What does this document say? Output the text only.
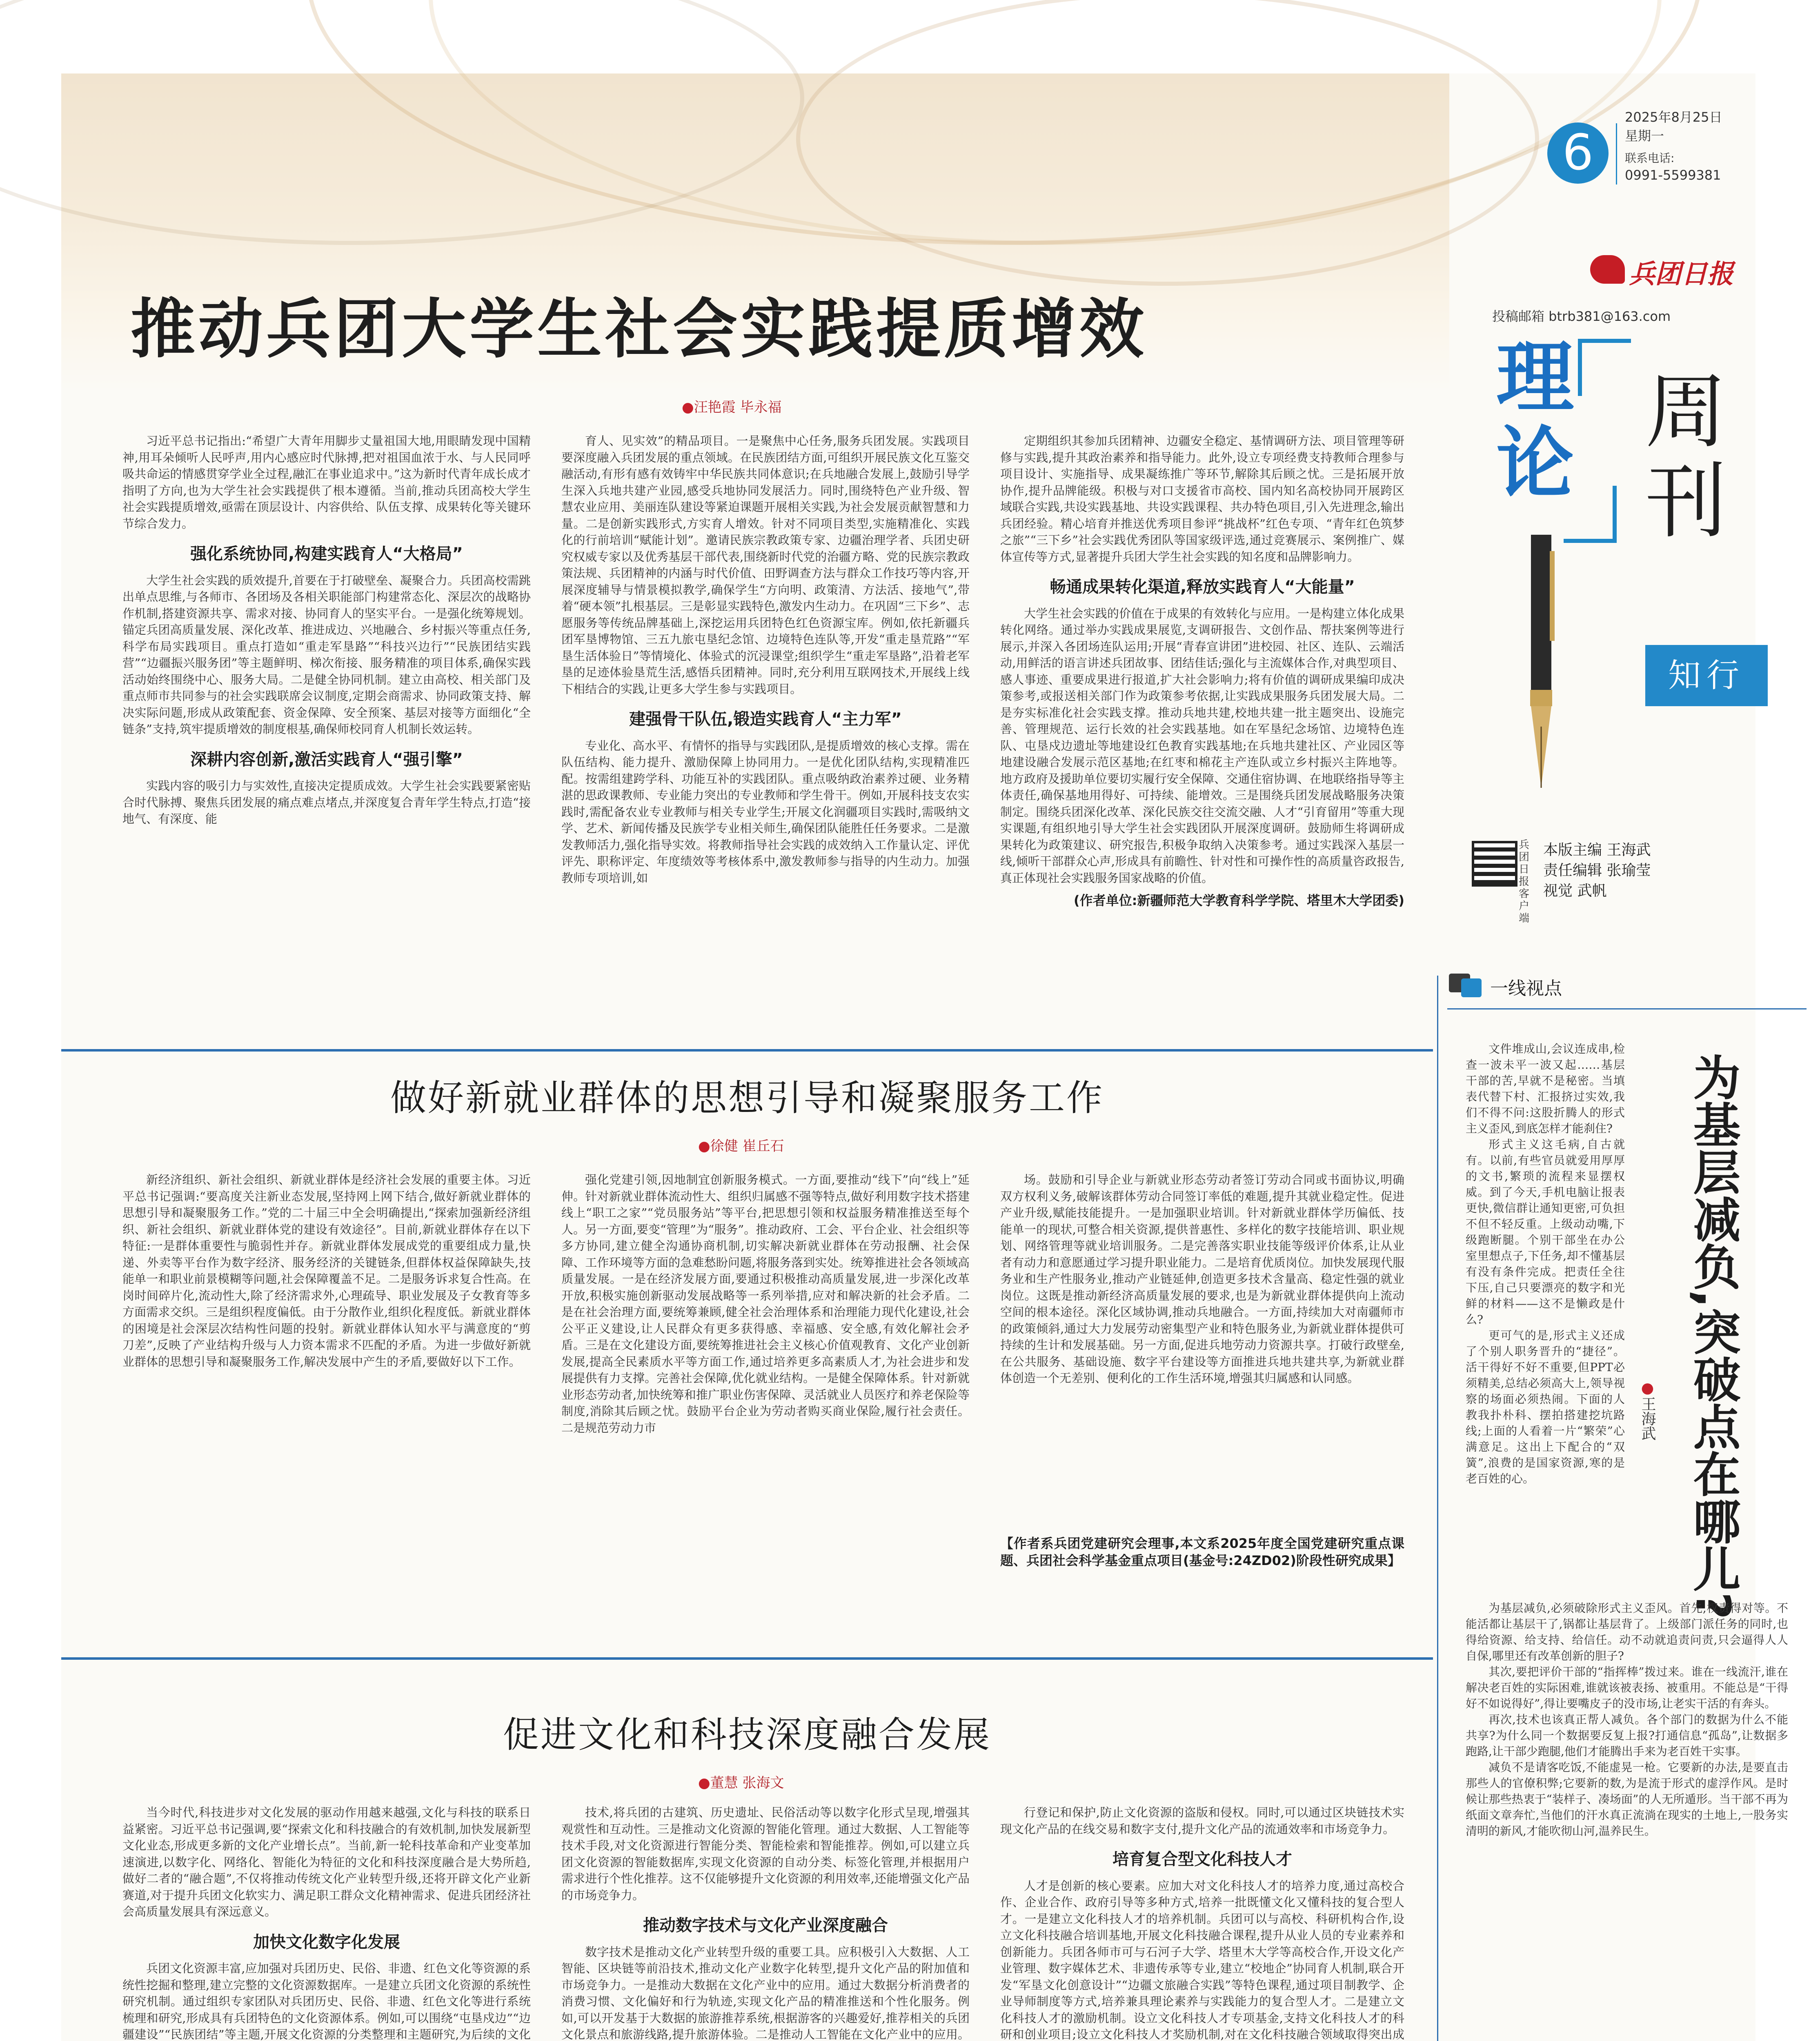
推动兵团大学生社会实践提质增效
● 汪艳霞 毕永福
6
2025年8月25日
星期一
联系电话:
0991-5599381
兵团日报
投稿邮箱 btrb381@163.com
理论
周刊
知行
兵团日报客户端
本版主编 王海武
责任编辑 张瑜莹
视觉 武帆

习近平总书记指出:“希望广大青年用脚步丈量祖国大地,用眼睛发现中国精神,用耳朵倾听人民呼声,用内心感应时代脉搏,把对祖国血浓于水、与人民同呼吸共命运的情感贯穿学业全过程,融汇在事业追求中。”这为新时代青年成长成才指明了方向,也为大学生社会实践提供了根本遵循。当前,推动兵团高校大学生社会实践提质增效,亟需在顶层设计、内容供给、队伍支撑、成果转化等关键环节综合发力。

强化系统协同,构建实践育人“大格局”

大学生社会实践的质效提升,首要在于打破壁垒、凝聚合力。兵团高校需跳出单点思维,与各师市、各团场及各相关职能部门构建常态化、深层次的战略协作机制,搭建资源共享、需求对接、协同育人的坚实平台。一是强化统筹规划。锚定兵团高质量发展、深化改革、推进成边、兴地融合、乡村振兴等重点任务,科学布局实践项目。重点打造如“重走军垦路”“科技兴边行”“民族团结实践营”“边疆振兴服务团”等主题鲜明、梯次衔接、服务精准的项目体系,确保实践活动始终围绕中心、服务大局。二是健全协同机制。建立由高校、相关部门及重点师市共同参与的社会实践联席会议制度,定期会商需求、协同政策支持、解决实际问题,形成从政策配套、资金保障、安全预案、基层对接等方面细化“全链条”支持,筑牢提质增效的制度根基,确保师校同育人机制长效运转。

深耕内容创新,激活实践育人“强引擎”

实践内容的吸引力与实效性,直接决定提质成效。大学生社会实践要紧密贴合时代脉搏、聚焦兵团发展的痛点难点堵点,并深度复合青年学生特点,打造“接地气、有深度、能

育人、见实效”的精品项目。一是聚焦中心任务,服务兵团发展。实践项目要深度融入兵团发展的重点领域。在民族团结方面,可组织开展民族文化互鉴交融活动,有形有感有效铸牢中华民族共同体意识;在兵地融合发展上,鼓励引导学生深入兵地共建产业园,感受兵地协同发展活力。同时,围绕特色产业升级、智慧农业应用、美丽连队建设等紧迫课题开展相关实践,为社会发展贡献智慧和力量。二是创新实践形式,方实育人增效。针对不同项目类型,实施精准化、实践化的行前培训“赋能计划”。邀请民族宗教政策专家、边疆治理学者、兵团史研究权威专家以及优秀基层干部代表,围绕新时代党的治疆方略、党的民族宗教政策法规、兵团精神的内涵与时代价值、田野调查方法与群众工作技巧等内容,开展深度辅导与情景模拟教学,确保学生“方向明、政策清、方法活、接地气”,带着“硬本领”扎根基层。三是彰显实践特色,激发内生动力。在巩固“三下乡”、志愿服务等传统品牌基础上,深挖运用兵团特色红色资源宝库。例如,依托新疆兵团军垦博物馆、三五九旅屯垦纪念馆、边境特色连队等,开发“重走垦荒路”“军垦生活体验日”等情境化、体验式的沉浸课堂;组织学生“重走军垦路”,沿着老军垦的足迹体验垦荒生活,感悟兵团精神。同时,充分利用互联网技术,开展线上线下相结合的实践,让更多大学生参与实践项目。

建强骨干队伍,锻造实践育人“主力军”

专业化、高水平、有情怀的指导与实践团队,是提质增效的核心支撑。需在队伍结构、能力提升、激励保障上协同用力。一是优化团队结构,实现精准匹配。按需组建跨学科、功能互补的实践团队。重点吸纳政治素养过硬、业务精湛的思政课教师、专业能力突出的专业教师和学生骨干。例如,开展科技支农实践时,需配备农业专业教师与相关专业学生;开展文化润疆项目实践时,需吸纳文学、艺术、新闻传播及民族学专业相关师生,确保团队能胜任任务要求。二是激发教师活力,强化指导实效。将教师指导社会实践的成效纳入工作量认定、评优评先、职称评定、年度绩效等考核体系中,激发教师参与指导的内生动力。加强教师专项培训,如

定期组织其参加兵团精神、边疆安全稳定、基情调研方法、项目管理等研修与实践,提升其政治素养和指导能力。此外,设立专项经费支持教师合理参与项目设计、实施指导、成果凝练推广等环节,解除其后顾之忧。三是拓展开放协作,提升品牌能级。积极与对口支援省市高校、国内知名高校协同开展跨区域联合实践,共设实践基地、共设实践课程、共办特色项目,引入先进理念,输出兵团经验。精心培育并推送优秀项目参评“挑战杯”红色专项、“青年红色筑梦之旅”“三下乡”社会实践优秀团队等国家级评选,通过竞赛展示、案例推广、媒体宣传等方式,显著提升兵团大学生社会实践的知名度和品牌影响力。

畅通成果转化渠道,释放实践育人“大能量”

大学生社会实践的价值在于成果的有效转化与应用。一是构建立体化成果转化网络。通过举办实践成果展览,支调研报告、文创作品、帮扶案例等进行展示,并深入各团场连队运用;开展“青春宣讲团”进校园、社区、连队、云端活动,用鲜活的语言讲述兵团故事、团结佳话;强化与主流媒体合作,对典型项目、感人事迹、重要成果进行报道,扩大社会影响力;将有价值的调研成果编印成决策参考,或报送相关部门作为政策参考依据,让实践成果服务兵团发展大局。二是夯实标准化社会实践支撑。推动兵地共建,校地共建一批主题突出、设施完善、管理规范、运行长效的社会实践基地。如在军垦纪念场馆、边境特色连队、屯垦戍边遗址等地建设红色教育实践基地;在兵地共建社区、产业园区等地建设融合发展示范区基地;在红枣和棉花主产连队或立乡村振兴主阵地等。地方政府及援助单位要切实履行安全保障、交通住宿协调、在地联络指导等主体责任,确保基地用得好、可持续、能增效。三是围绕兵团发展战略服务决策制定。围绕兵团深化改革、深化民族交往交流交融、人才“引育留用”等重大现实课题,有组织地引导大学生社会实践团队开展深度调研。鼓励师生将调研成果转化为政策建议、研究报告,积极争取纳入决策参考。通过实践深入基层一线,倾听干部群众心声,形成具有前瞻性、针对性和可操作性的高质量咨政报告,真正体现社会实践服务国家战略的价值。

(作者单位:新疆师范大学教育科学学院、塔里木大学团委)
做好新就业群体的思想引导和凝聚服务工作
● 徐健 崔丘石

新经济组织、新社会组织、新就业群体是经济社会发展的重要主体。习近平总书记强调:“要高度关注新业态发展,坚持网上网下结合,做好新就业群体的思想引导和凝聚服务工作。”党的二十届三中全会明确提出,“探索加强新经济组织、新社会组织、新就业群体党的建设有效途径”。目前,新就业群体存在以下特征:一是群体重要性与脆弱性并存。新就业群体发展成党的重要组成力量,快递、外卖等平台作为数字经济、服务经济的关键链条,但群体权益保障缺失,技能单一和职业前景模糊等问题,社会保障覆盖不足。二是服务诉求复合性高。在岗时间碎片化,流动性大,除了经济需求外,心理疏导、职业发展及子女教育等多方面需求交织。三是组织程度偏低。由于分散作业,组织化程度低。新就业群体的困境是社会深层次结构性问题的投射。新就业群体认知水平与满意度的“剪刀差”,反映了产业结构升级与人力资本需求不匹配的矛盾。为进一步做好新就业群体的思想引导和凝聚服务工作,解决发展中产生的矛盾,要做好以下工作。

强化党建引领,因地制宜创新服务模式。一方面,要推动“线下”向“线上”延伸。针对新就业群体流动性大、组织归属感不强等特点,做好利用数字技术搭建线上“职工之家”“党员服务站”等平台,把思想引领和权益服务精准推送至每个人。另一方面,要变“管理”为“服务”。推动政府、工会、平台企业、社会组织等多方协同,建立健全沟通协商机制,切实解决新就业群体在劳动报酬、社会保障、工作环境等方面的急难愁盼问题,将服务落到实处。统筹推进社会各领域高质量发展。一是在经济发展方面,要通过积极推动高质量发展,进一步深化改革开放,积极实施创新驱动发展战略等一系列举措,应对和解决新的社会矛盾。二是在社会治理方面,要统筹兼顾,健全社会治理体系和治理能力现代化建设,社会公平正义建设,让人民群众有更多获得感、幸福感、安全感,有效化解社会矛盾。三是在文化建设方面,要统筹推进社会主义核心价值观教育、文化产业创新发展,提高全民素质水平等方面工作,通过培养更多高素质人才,为社会进步和发展提供有力支撑。完善社会保障,优化就业结构。一是健全保障体系。针对新就业形态劳动者,加快统筹和推广职业伤害保障、灵活就业人员医疗和养老保险等制度,消除其后顾之忧。鼓励平台企业为劳动者购买商业保险,履行社会责任。二是规范劳动力市

场。鼓励和引导企业与新就业形态劳动者签订劳动合同或书面协议,明确双方权利义务,破解该群体劳动合同签订率低的难题,提升其就业稳定性。促进产业升级,赋能技能提升。一是加强职业培训。针对新就业群体学历偏低、技能单一的现状,可整合相关资源,提供普惠性、多样化的数字技能培训、职业规划、网络管理等就业培训服务。二是完善落实职业技能等级评价体系,让从业者有动力和意愿通过学习提升职业能力。二是培育优质岗位。加快发展现代服务业和生产性服务业,推动产业链延伸,创造更多技术含量高、稳定性强的就业岗位。这既是推动新经济高质量发展的要求,也是为新就业群体提供向上流动空间的根本途径。深化区域协调,推动兵地融合。一方面,持续加大对南疆师市的政策倾斜,通过大力发展劳动密集型产业和特色服务业,为新就业群体提供可持续的生计和发展基础。另一方面,促进兵地劳动力资源共享。打破行政壁垒,在公共服务、基础设施、数字平台建设等方面推进兵地共建共享,为新就业群体创造一个无差别、便利化的工作生活环境,增强其归属感和认同感。

【作者系兵团党建研究会理事,本文系2025年度全国党建研究重点课题、兵团社会科学基金重点项目(基金号:24ZD02)阶段性研究成果】
促进文化和科技深度融合发展
● 董慧 张海文

当今时代,科技进步对文化发展的驱动作用越来越强,文化与科技的联系日益紧密。习近平总书记强调,要“探索文化和科技融合的有效机制,加快发展新型文化业态,形成更多新的文化产业增长点”。当前,新一轮科技革命和产业变革加速演进,以数字化、网络化、智能化为特征的文化和科技深度融合是大势所趋,做好二者的“融合题”,不仅将推动传统文化产业转型升级,还将开辟文化产业新赛道,对于提升兵团文化软实力、满足职工群众文化精神需求、促进兵团经济社会高质量发展具有深远意义。

加快文化数字化发展

兵团文化资源丰富,应加强对兵团历史、民俗、非遗、红色文化等资源的系统性挖掘和整理,建立完整的文化资源数据库。一是建立兵团文化资源的系统性研究机制。通过组织专家团队对兵团历史、民俗、非遗、红色文化等进行系统梳理和研究,形成具有兵团特色的文化资源体系。例如,可以围绕“屯垦戍边”“边疆建设”“民族团结”等主题,开展文化资源的分类整理和主题研究,为后续的文化

技术,将兵团的古建筑、历史遗址、民俗活动等以数字化形式呈现,增强其观赏性和互动性。三是推动文化资源的智能化管理。通过大数据、人工智能等技术手段,对文化资源进行智能分类、智能检索和智能推荐。例如,可以建立兵团文化资源的智能数据库,实现文化资源的自动分类、标签化管理,并根据用户需求进行个性化推荐。这不仅能够提升文化资源的利用效率,还能增强文化产品的市场竞争力。

推动数字技术与文化产业深度融合

数字技术是推动文化产业转型升级的重要工具。应积极引入大数据、人工智能、区块链等前沿技术,推动文化产业数字化转型,提升文化产品的附加值和市场竞争力。一是推动大数据在文化产业中的应用。通过大数据分析消费者的消费习惯、文化偏好和行为轨迹,实现文化产品的精准推送和个性化服务。例如,可以开发基于大数据的旅游推荐系统,根据游客的兴趣爱好,推荐相关的兵团文化景点和旅游线路,提升旅游体验。二是推动人工智能在文化产业中的应用。

行登记和保护,防止文化资源的盗版和侵权。同时,可以通过区块链技术实现文化产品的在线交易和数字支付,提升文化产品的流通效率和市场竞争力。

培育复合型文化科技人才

人才是创新的核心要素。应加大对文化科技人才的培养力度,通过高校合作、企业合作、政府引导等多种方式,培养一批既懂文化又懂科技的复合型人才。一是建立文化科技人才的培养机制。兵团可以与高校、科研机构合作,设立文化科技融合培训基地,开展文化科技融合课程,提升从业人员的专业素养和创新能力。兵团各师市可与石河子大学、塔里木大学等高校合作,开设文化产业管理、数字媒体艺术、非遗传承等专业,建立“校地企”协同育人机制,联合开发“军垦文化创意设计”“边疆文旅融合实践”等特色课程,通过项目制教学、企业导师制度等方式,培养兼具理论素养与实践能力的复合型人才。二是建立文化科技人才的激励机制。设立文化科技人才专项基金,支持文化科技人才的科研和创业项目;设立文化科技人才奖励机制,对在文化科技融合领域取得突出成

一线视点
为基层减负,突破点在哪儿?
● 王海武

文件堆成山,会议连成串,检查一波未平一波又起……基层干部的苦,早就不是秘密。当填表代替下村、汇报挤过实效,我们不得不问:这股折腾人的形式主义歪风,到底怎样才能刹住?

形式主义这毛病,自古就有。以前,有些官员就爱用厚厚的文书,繁琐的流程来显摆权威。到了今天,手机电脑让报表更快,微信群让通知更密,可负担不但不轻反重。上级动动嘴,下级跑断腿。个别干部坐在办公室里想点子,下任务,却不懂基层有没有条件完成。把责任全往下压,自己只要漂亮的数字和光鲜的材料——这不是懒政是什么?

更可气的是,形式主义还成了个别人职务晋升的“捷径”。活干得好不好不重要,但PPT必须精美,总结必须高大上,领导视察的场面必须热闹。下面的人教我扑朴科、摆拍搭建挖坑路线;上面的人看着一片“繁荣”心满意足。这出上下配合的“双簧”,浪费的是国家资源,寒的是老百姓的心。

为基层减负,必须破除形式主义歪风。首先,权责得对等。不能活都让基层干了,锅都让基层背了。上级部门派任务的同时,也得给资源、给支持、给信任。动不动就追责问责,只会逼得人人自保,哪里还有改革创新的胆子?

其次,要把评价干部的“指挥棒”拨过来。谁在一线流汗,谁在解决老百姓的实际困难,谁就该被表扬、被重用。不能总是“干得好不如说得好”,得让要嘴皮子的没市场,让老实干活的有奔头。

再次,技术也该真正帮人减负。各个部门的数据为什么不能共享?为什么同一个数据要反复上报?打通信息“孤岛”,让数据多跑路,让干部少跑腿,他们才能腾出手来为老百姓干实事。

减负不是请客吃饭,不能虚晃一枪。它要新的办法,是要直击那些人的官僚积弊;它要新的数,为是流于形式的虚浮作风。是时候让那些热衷于“装样子、凑场面”的人无所遁形。当干部不再为纸面文章奔忙,当他们的汗水真正流淌在现实的土地上,一股务实清明的新风,才能吹彻山河,温养民生。
